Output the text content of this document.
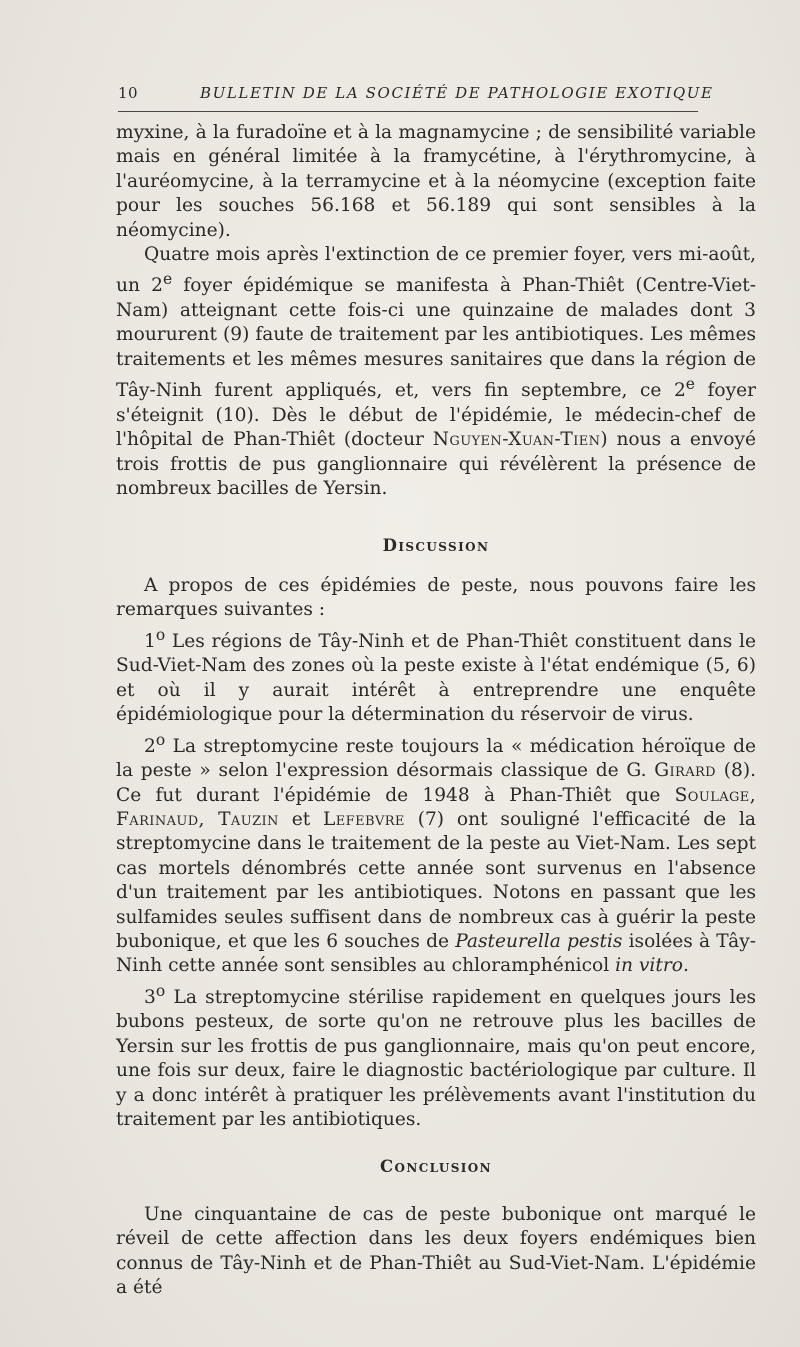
10	BULLETIN DE LA SOCIÉTÉ DE PATHOLOGIE EXOTIQUE

myxine, à la furadoïne et à la magnamycine ; de sensibilité variable mais en général limitée à la framycétine, à l'érythromycine, à l'auréomycine, à la terramycine et à la néomycine (exception faite pour les souches 56.168 et 56.189 qui sont sensibles à la néomycine).

Quatre mois après l'extinction de ce premier foyer, vers mi-août, un 2e foyer épidémique se manifesta à Phan-Thiêt (Centre-Viet-Nam) atteignant cette fois-ci une quinzaine de malades dont 3 moururent (9) faute de traitement par les antibiotiques. Les mêmes traitements et les mêmes mesures sanitaires que dans la région de Tây-Ninh furent appliqués, et, vers fin septembre, ce 2e foyer s'éteignit (10). Dès le début de l'épidémie, le médecin-chef de l'hôpital de Phan-Thiêt (docteur Nguyen-Xuan-Tien) nous a envoyé trois frottis de pus ganglionnaire qui révélèrent la présence de nombreux bacilles de Yersin.

Discussion

A propos de ces épidémies de peste, nous pouvons faire les remarques suivantes :

1$^o$ Les régions de Tây-Ninh et de Phan-Thiêt constituent dans le Sud-Viet-Nam des zones où la peste existe à l'état endémique (5, 6) et où il y aurait intérêt à entreprendre une enquête épidémiologique pour la détermination du réservoir de virus.

2$^o$ La streptomycine reste toujours la « médication héroïque de la peste » selon l'expression désormais classique de G. Girard (8). Ce fut durant l'épidémie de 1948 à Phan-Thiêt que Soulage, Farinaud, Tauzin et Lefebvre (7) ont souligné l'efficacité de la streptomycine dans le traitement de la peste au Viet-Nam. Les sept cas mortels dénombrés cette année sont survenus en l'absence d'un traitement par les antibiotiques. Notons en passant que les sulfamides seules suffisent dans de nombreux cas à guérir la peste bubonique, et que les 6 souches de Pasteurella pestis isolées à Tây-Ninh cette année sont sensibles au chloramphénicol in vitro.

3$^o$ La streptomycine stérilise rapidement en quelques jours les bubons pesteux, de sorte qu'on ne retrouve plus les bacilles de Yersin sur les frottis de pus ganglionnaire, mais qu'on peut encore, une fois sur deux, faire le diagnostic bactériologique par culture. Il y a donc intérêt à pratiquer les prélèvements avant l'institution du traitement par les antibiotiques.

Conclusion

Une cinquantaine de cas de peste bubonique ont marqué le réveil de cette affection dans les deux foyers endémiques bien connus de Tây-Ninh et de Phan-Thiêt au Sud-Viet-Nam. L'épidémie a été
